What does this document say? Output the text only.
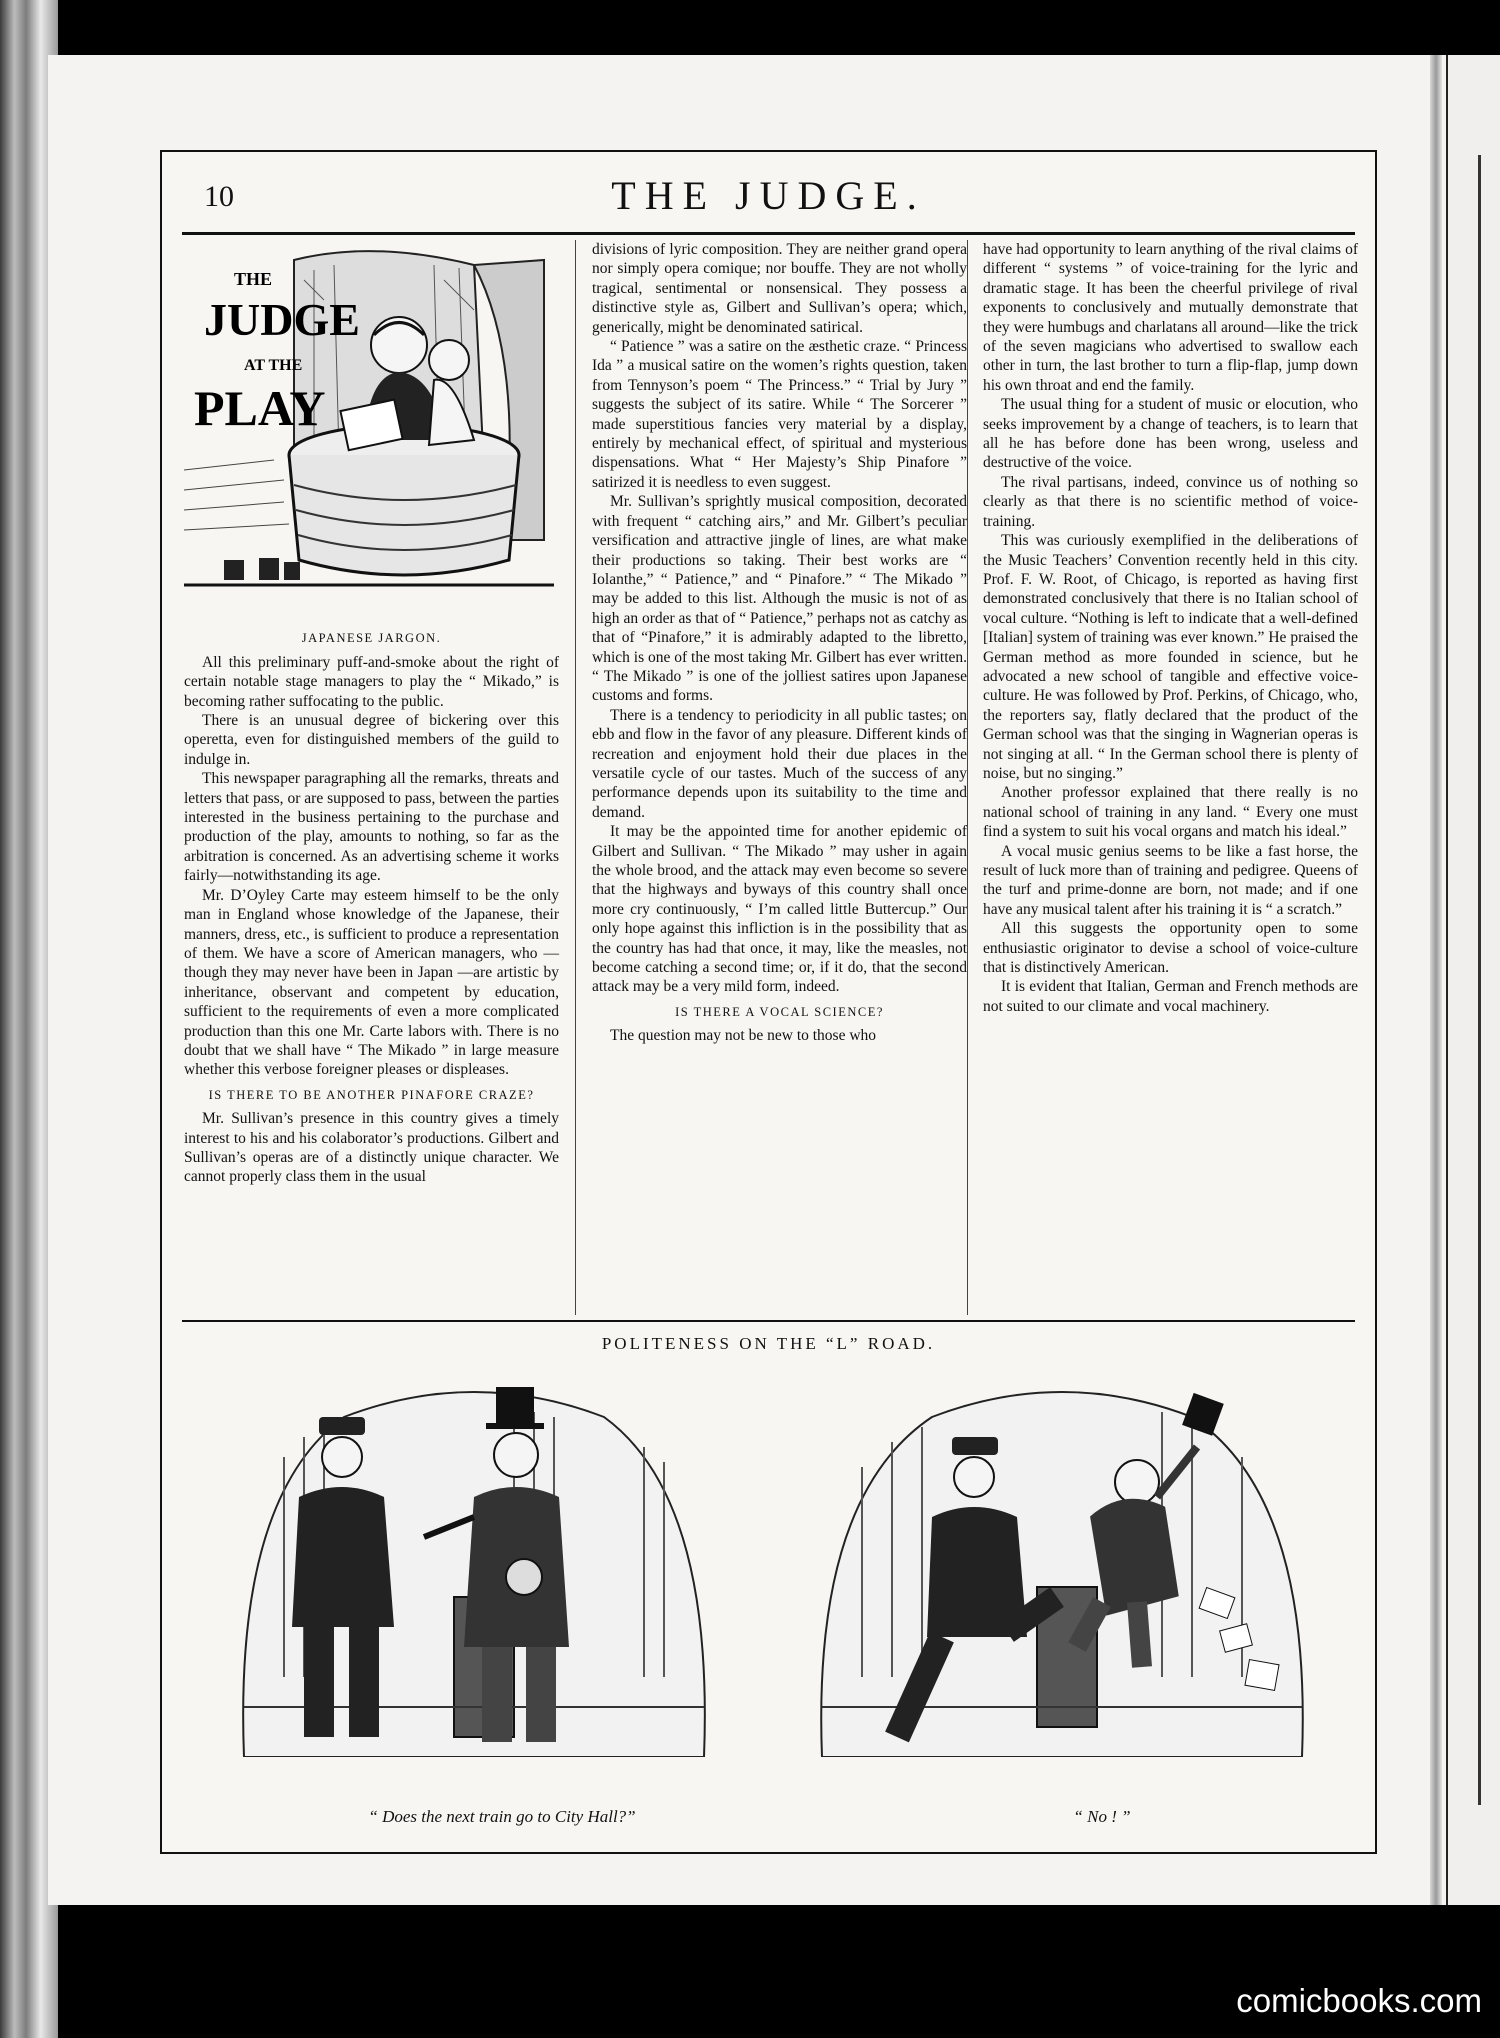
10	THE JUDGE.
THE
JUDGE
AT THE
PLAY
JAPANESE JARGON.

All this preliminary puff-and-smoke about the right of certain notable stage managers to play the “ Mikado,” is becoming rather suffocating to the public.

There is an unusual degree of bickering over this operetta, even for distinguished members of the guild to indulge in.

This newspaper paragraphing all the remarks, threats and letters that pass, or are supposed to pass, between the parties interested in the business pertaining to the purchase and production of the play, amounts to nothing, so far as the arbitration is concerned. As an advertising scheme it works fairly—notwithstanding its age.

Mr. D’Oyley Carte may esteem himself to be the only man in England whose knowledge of the Japanese, their manners, dress, etc., is sufficient to produce a representation of them. We have a score of American managers, who —though they may never have been in Japan —are artistic by inheritance, observant and competent by education, sufficient to the requirements of even a more complicated production than this one Mr. Carte labors with. There is no doubt that we shall have “ The Mikado ” in large measure whether this verbose foreigner pleases or displeases.

IS THERE TO BE ANOTHER PINAFORE CRAZE?

Mr. Sullivan’s presence in this country gives a timely interest to his and his colaborator’s productions. Gilbert and Sullivan’s operas are of a distinctly unique character. We cannot properly class them in the usual

divisions of lyric composition. They are neither grand opera nor simply opera comique; nor bouffe. They are not wholly tragical, sentimental or nonsensical. They possess a distinctive style as, Gilbert and Sullivan’s opera; which, generically, might be denominated satirical.

“ Patience ” was a satire on the æsthetic craze. “ Princess Ida ” a musical satire on the women’s rights question, taken from Tennyson’s poem “ The Princess.” “ Trial by Jury ” suggests the subject of its satire. While “ The Sorcerer ” made superstitious fancies very material by a display, entirely by mechanical effect, of spiritual and mysterious dispensations. What “ Her Majesty’s Ship Pinafore ” satirized it is needless to even suggest.

Mr. Sullivan’s sprightly musical composition, decorated with frequent “ catching airs,” and Mr. Gilbert’s peculiar versification and attractive jingle of lines, are what make their productions so taking. Their best works are “ Iolanthe,” “ Patience,” and “ Pinafore.” “ The Mikado ” may be added to this list. Although the music is not of as high an order as that of “ Patience,” perhaps not as catchy as that of “Pinafore,” it is admirably adapted to the libretto, which is one of the most taking Mr. Gilbert has ever written. “ The Mikado ” is one of the jolliest satires upon Japanese customs and forms.

There is a tendency to periodicity in all public tastes; on ebb and flow in the favor of any pleasure. Different kinds of recreation and enjoyment hold their due places in the versatile cycle of our tastes. Much of the success of any performance depends upon its suitability to the time and demand.

It may be the appointed time for another epidemic of Gilbert and Sullivan. “ The Mikado ” may usher in again the whole brood, and the attack may even become so severe that the highways and byways of this country shall once more cry continuously, “ I’m called little Buttercup.” Our only hope against this infliction is in the possibility that as the country has had that once, it may, like the measles, not become catching a second time; or, if it do, that the second attack may be a very mild form, indeed.

IS THERE A VOCAL SCIENCE?

The question may not be new to those who

have had opportunity to learn anything of the rival claims of different “ systems ” of voice-training for the lyric and dramatic stage. It has been the cheerful privilege of rival exponents to conclusively and mutually demonstrate that they were humbugs and charlatans all around—like the trick of the seven magicians who advertised to swallow each other in turn, the last brother to turn a flip-flap, jump down his own throat and end the family.

The usual thing for a student of music or elocution, who seeks improvement by a change of teachers, is to learn that all he has before done has been wrong, useless and destructive of the voice.

The rival partisans, indeed, convince us of nothing so clearly as that there is no scientific method of voice-training.

This was curiously exemplified in the deliberations of the Music Teachers’ Convention recently held in this city. Prof. F. W. Root, of Chicago, is reported as having first demonstrated conclusively that there is no Italian school of vocal culture. “Nothing is left to indicate that a well-defined [Italian] system of training was ever known.” He praised the German method as more founded in science, but he advocated a new school of tangible and effective voice-culture. He was followed by Prof. Perkins, of Chicago, who, the reporters say, flatly declared that the product of the German school was that the singing in Wagnerian operas is not singing at all. “ In the German school there is plenty of noise, but no singing.”

Another professor explained that there really is no national school of training in any land. “ Every one must find a system to suit his vocal organs and match his ideal.”

A vocal music genius seems to be like a fast horse, the result of luck more than of training and pedigree. Queens of the turf and prime-donne are born, not made; and if one have any musical talent after his training it is “ a scratch.”

All this suggests the opportunity open to some enthusiastic originator to devise a school of voice-culture that is distinctively American.

It is evident that Italian, German and French methods are not suited to our climate and vocal machinery.

POLITENESS ON THE “L” ROAD.
“ Does the next train go to City Hall?”	“ No ! ”
comicbooks.com
